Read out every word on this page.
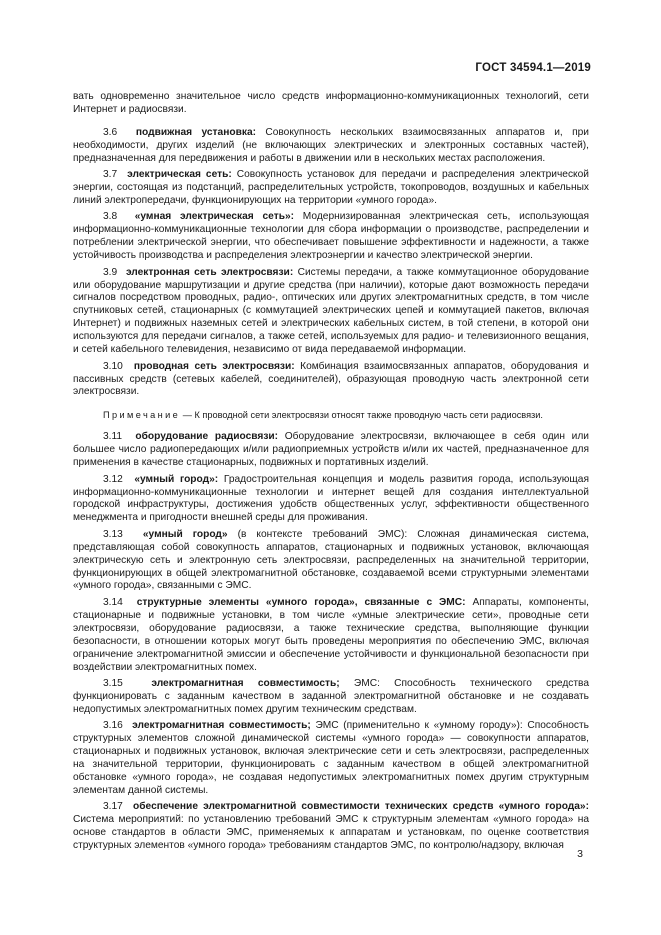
ГОСТ 34594.1—2019

вать одновременно значительное число средств информационно-коммуникационных технологий, сети Интернет и радиосвязи.

3.6 подвижная установка: Совокупность нескольких взаимосвязанных аппаратов и, при необходимости, других изделий (не включающих электрических и электронных составных частей), предназначенная для передвижения и работы в движении или в нескольких местах расположения.

3.7 электрическая сеть: Совокупность установок для передачи и распределения электрической энергии, состоящая из подстанций, распределительных устройств, токопроводов, воздушных и кабельных линий электропередачи, функционирующих на территории «умного города».

3.8 «умная электрическая сеть»: Модернизированная электрическая сеть, использующая информационно-коммуникационные технологии для сбора информации о производстве, распределении и потреблении электрической энергии, что обеспечивает повышение эффективности и надежности, а также устойчивость производства и распределения электроэнергии и качество электрической энергии.

3.9 электронная сеть электросвязи: Системы передачи, а также коммутационное оборудование или оборудование маршрутизации и другие средства (при наличии), которые дают возможность передачи сигналов посредством проводных, радио-, оптических или других электромагнитных средств, в том числе спутниковых сетей, стационарных (с коммутацией электрических цепей и коммутацией пакетов, включая Интернет) и подвижных наземных сетей и электрических кабельных систем, в той степени, в которой они используются для передачи сигналов, а также сетей, используемых для радио- и телевизионного вещания, и сетей кабельного телевидения, независимо от вида передаваемой информации.

3.10 проводная сеть электросвязи: Комбинация взаимосвязанных аппаратов, оборудования и пассивных средств (сетевых кабелей, соединителей), образующая проводную часть электронной сети электросвязи.

Примечание — К проводной сети электросвязи относят также проводную часть сети радиосвязи.

3.11 оборудование радиосвязи: Оборудование электросвязи, включающее в себя один или большее число радиопередающих и/или радиоприемных устройств и/или их частей, предназначенное для применения в качестве стационарных, подвижных и портативных изделий.

3.12 «умный город»: Градостроительная концепция и модель развития города, использующая информационно-коммуникационные технологии и интернет вещей для создания интеллектуальной городской инфраструктуры, достижения удобств общественных услуг, эффективности общественного менеджмента и пригодности внешней среды для проживания.

3.13 «умный город» (в контексте требований ЭМС): Сложная динамическая система, представляющая собой совокупность аппаратов, стационарных и подвижных установок, включающая электрическую сеть и электронную сеть электросвязи, распределенных на значительной территории, функционирующих в общей электромагнитной обстановке, создаваемой всеми структурными элементами «умного города», связанными с ЭМС.

3.14 структурные элементы «умного города», связанные с ЭМС: Аппараты, компоненты, стационарные и подвижные установки, в том числе «умные электрические сети», проводные сети электросвязи, оборудование радиосвязи, а также технические средства, выполняющие функции безопасности, в отношении которых могут быть проведены мероприятия по обеспечению ЭМС, включая ограничение электромагнитной эмиссии и обеспечение устойчивости и функциональной безопасности при воздействии электромагнитных помех.

3.15	электромагнитная совместимость; ЭМС: Способность технического средства функционировать с заданным качеством в заданной электромагнитной обстановке и не создавать недопустимых электромагнитных помех другим техническим средствам.

3.16 электромагнитная совместимость; ЭМС (применительно к «умному городу»): Способность структурных элементов сложной динамической системы «умного города» — совокупности аппаратов, стационарных и подвижных установок, включая электрические сети и сеть электросвязи, распределенных на значительной территории, функционировать с заданным качеством в общей электромагнитной обстановке «умного города», не создавая недопустимых электромагнитных помех другим структурным элементам данной системы.

3.17 обеспечение электромагнитной совместимости технических средств «умного города»: Система мероприятий: по установлению требований ЭМС к структурным элементам «умного города» на основе стандартов в области ЭМС, применяемых к аппаратам и установкам, по оценке соответствия структурных элементов «умного города» требованиям стандартов ЭМС, по контролю/надзору, включая

3
